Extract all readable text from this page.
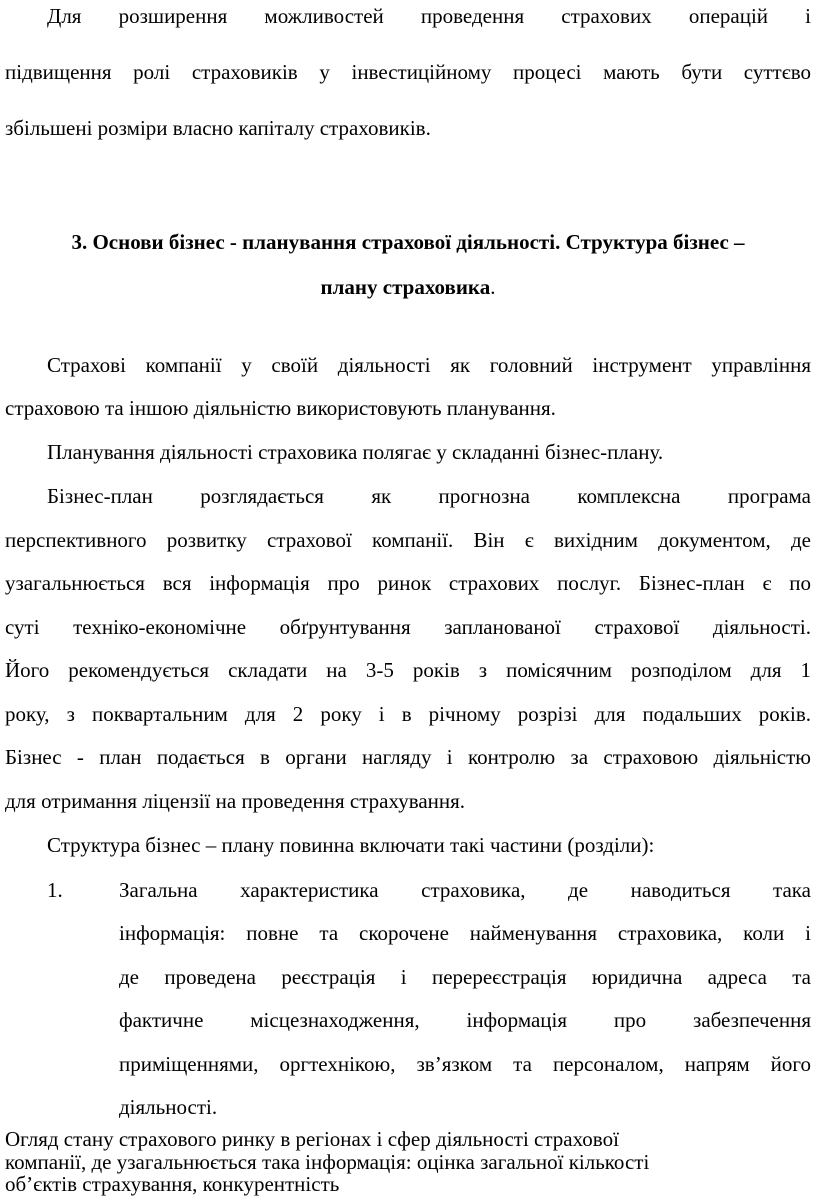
Для розширення можливостей проведення страхових операцій і
підвищення ролі страховиків у інвестиційному процесі мають бути суттєво
збільшені розміри власно капіталу страховиків.
3. Основи бізнес - планування страхової діяльності. Структура бізнес –
плану страховика.
Страхові компанії у своїй діяльності як головний інструмент управління
страховою та іншою діяльністю використовують планування.
Планування діяльності страховика полягає у складанні бізнес-плану.
Бізнес-план розглядається як прогнозна комплексна програма
перспективного розвитку страхової компанії. Він є вихідним документом, де
узагальнюється вся інформація про ринок страхових послуг. Бізнес-план є по
суті техніко-економічне обґрунтування запланованої страхової діяльності.
Його рекомендується складати на 3-5 років з помісячним розподілом для 1
року, з поквартальним для 2 року і в річному розрізі для подальших років.
Бізнес - план подається в органи нагляду і контролю за страховою діяльністю
для отримання ліцензії на проведення страхування.
Структура бізнес – плану повинна включати такі частини (розділи):
1.	Загальна характеристика страховика, де наводиться така
інформація: повне та скорочене найменування страховика, коли і
де проведена реєстрація і перереєстрація юридична адреса та
фактичне місцезнаходження, інформація про забезпечення
приміщеннями, оргтехнікою, зв’язком та персоналом, напрям його
діяльності.
Огляд стану страхового ринку в регіонах і сфер діяльності страхової
компанії, де узагальнюється така інформація: оцінка загальної кількості
об’єктів страхування, конкурентність
